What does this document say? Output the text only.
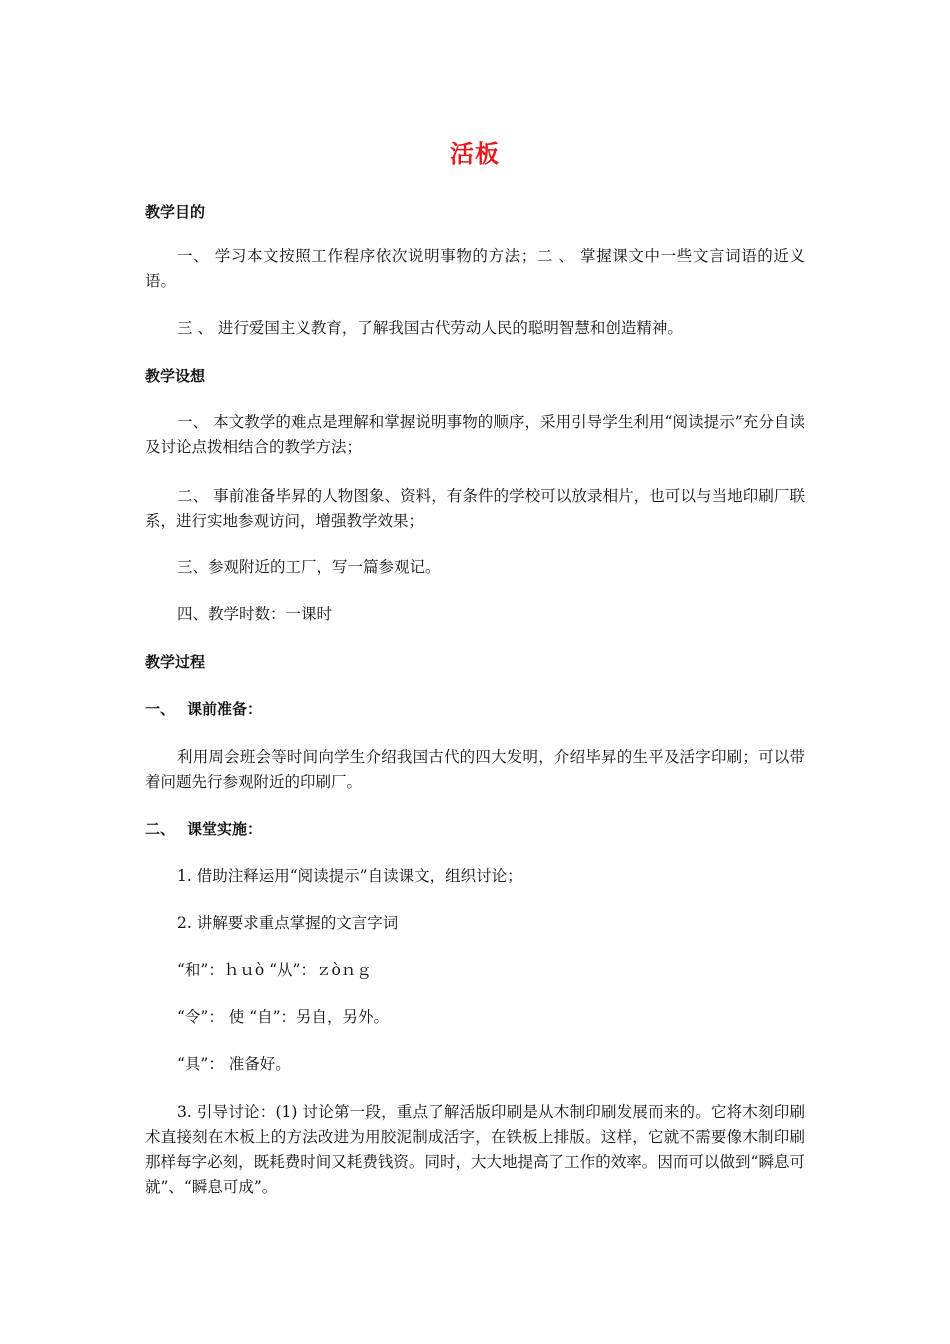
活板
教学目的
一、 学习本文按照工作程序依次说明事物的方法；二 、 掌握课文中一些文言词语的近义语。
三 、 进行爱国主义教育，了解我国古代劳动人民的聪明智慧和创造精神。
教学设想
一、 本文教学的难点是理解和掌握说明事物的顺序，采用引导学生利用“阅读提示”充分自读及讨论点拨相结合的教学方法；
二、 事前准备毕昇的人物图象、资料，有条件的学校可以放录相片，也可以与当地印刷厂联系，进行实地参观访问，增强教学效果；
三、参观附近的工厂，写一篇参观记。
四、教学时数：一课时
教学过程
一、 课前准备：
利用周会班会等时间向学生介绍我国古代的四大发明，介绍毕昇的生平及活字印刷；可以带着问题先行参观附近的印刷厂。
二、 课堂实施：
1. 借助注释运用“阅读提示”自读课文，组织讨论；
2. 讲解要求重点掌握的文言字词
“和”：ｈｕò “从”：ｚòｎｇ
“令”： 使 “自”：另自，另外。
“具”： 准备好。
3. 引导讨论：(1) 讨论第一段，重点了解活版印刷是从木制印刷发展而来的。它将木刻印刷术直接刻在木板上的方法改进为用胶泥制成活字，在铁板上排版。这样，它就不需要像木制印刷那样每字必刻，既耗费时间又耗费钱资。同时，大大地提高了工作的效率。因而可以做到“瞬息可就”、“瞬息可成”。
